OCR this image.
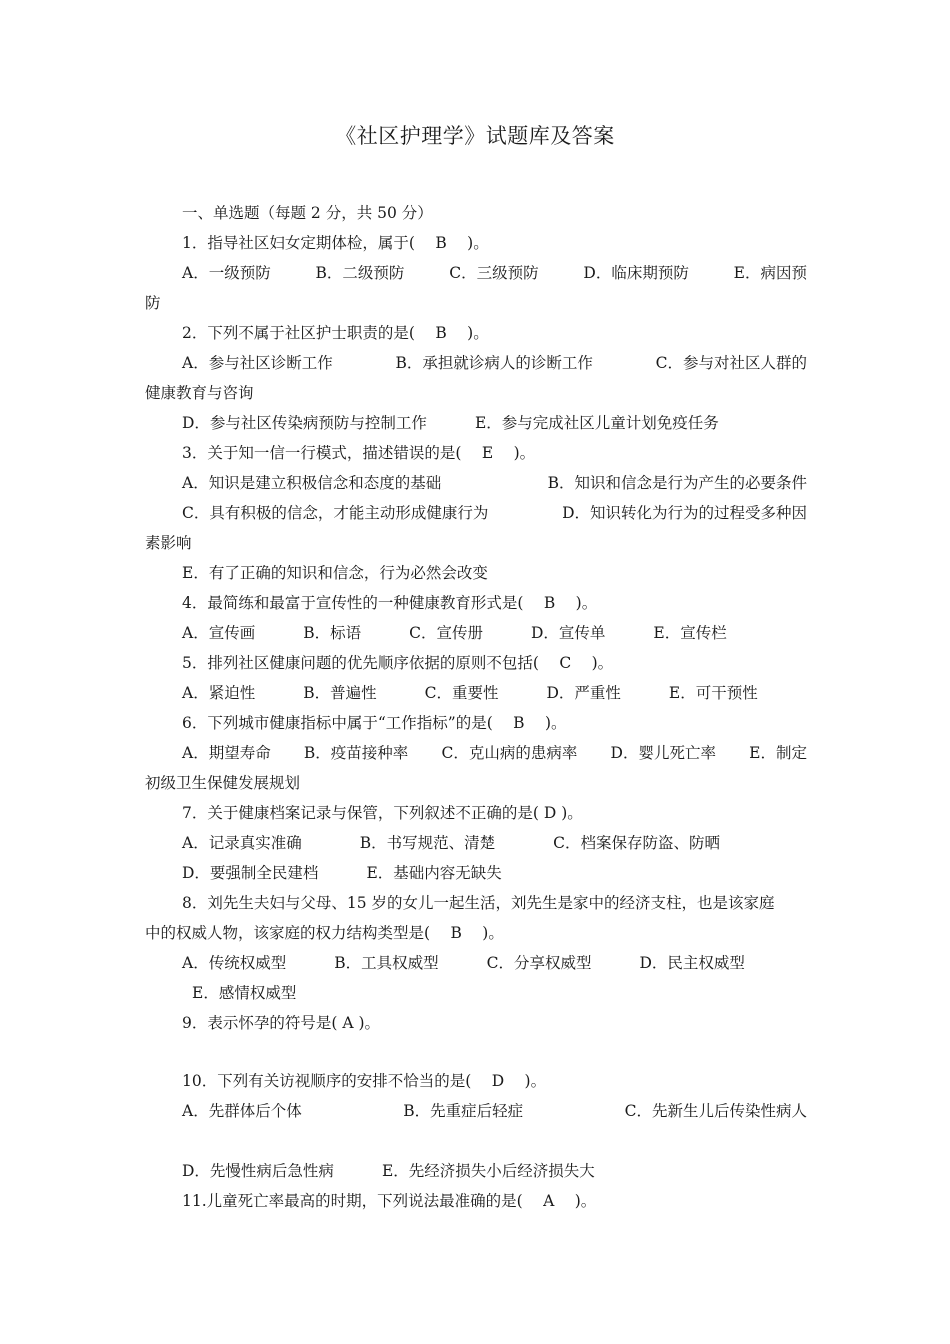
《社区护理学》试题库及答案
一、单选题（每题 2 分，共 50 分）
1．指导社区妇女定期体检，属于(　 B　 )。
A．一级预防	B．二级预防	C．三级预防	D．临床期预防	E．病因预
防
2．下列不属于社区护士职责的是(　 B　 )。
A．参与社区诊断工作	B．承担就诊病人的诊断工作	C．参与对社区人群的
健康教育与咨询
D．参与社区传染病预防与控制工作	E．参与完成社区儿童计划免疫任务
3．关于知一信一行模式，描述错误的是(　 E　 )。
A．知识是建立积极信念和态度的基础	B．知识和信念是行为产生的必要条件
C．具有积极的信念，才能主动形成健康行为	D．知识转化为行为的过程受多种因
素影响
E．有了正确的知识和信念，行为必然会改变
4．最简练和最富于宣传性的一种健康教育形式是(　 B　 )。
A．宣传画	B．标语	C．宣传册	D．宣传单	E．宣传栏
5．排列社区健康问题的优先顺序依据的原则不包括(　 C　 )。
A．紧迫性	B．普遍性	C．重要性	D．严重性	E．可干预性
6．下列城市健康指标中属于“工作指标”的是(　 B　 )。
A．期望寿命 B．疫苗接种率 C．克山病的患病率 D．婴儿死亡率 E．制定
初级卫生保健发展规划
7．关于健康档案记录与保管，下列叙述不正确的是( D )。
A．记录真实准确	B．书写规范、清楚	C．档案保存防盗、防晒
D．要强制全民建档	E．基础内容无缺失
8．刘先生夫妇与父母、15 岁的女儿一起生活，刘先生是家中的经济支柱，也是该家庭
中的权威人物，该家庭的权力结构类型是(　 B　 )。
A．传统权威型	B．工具权威型	C．分享权威型	D．民主权威型
E．感情权威型
9．表示怀孕的符号是( A )。
10．下列有关访视顺序的安排不恰当的是(　 D　 )。
A．先群体后个体	B．先重症后轻症	C．先新生儿后传染性病人
D．先慢性病后急性病	E．先经济损失小后经济损失大
11.儿童死亡率最高的时期，下列说法最准确的是(　 A　 )。
